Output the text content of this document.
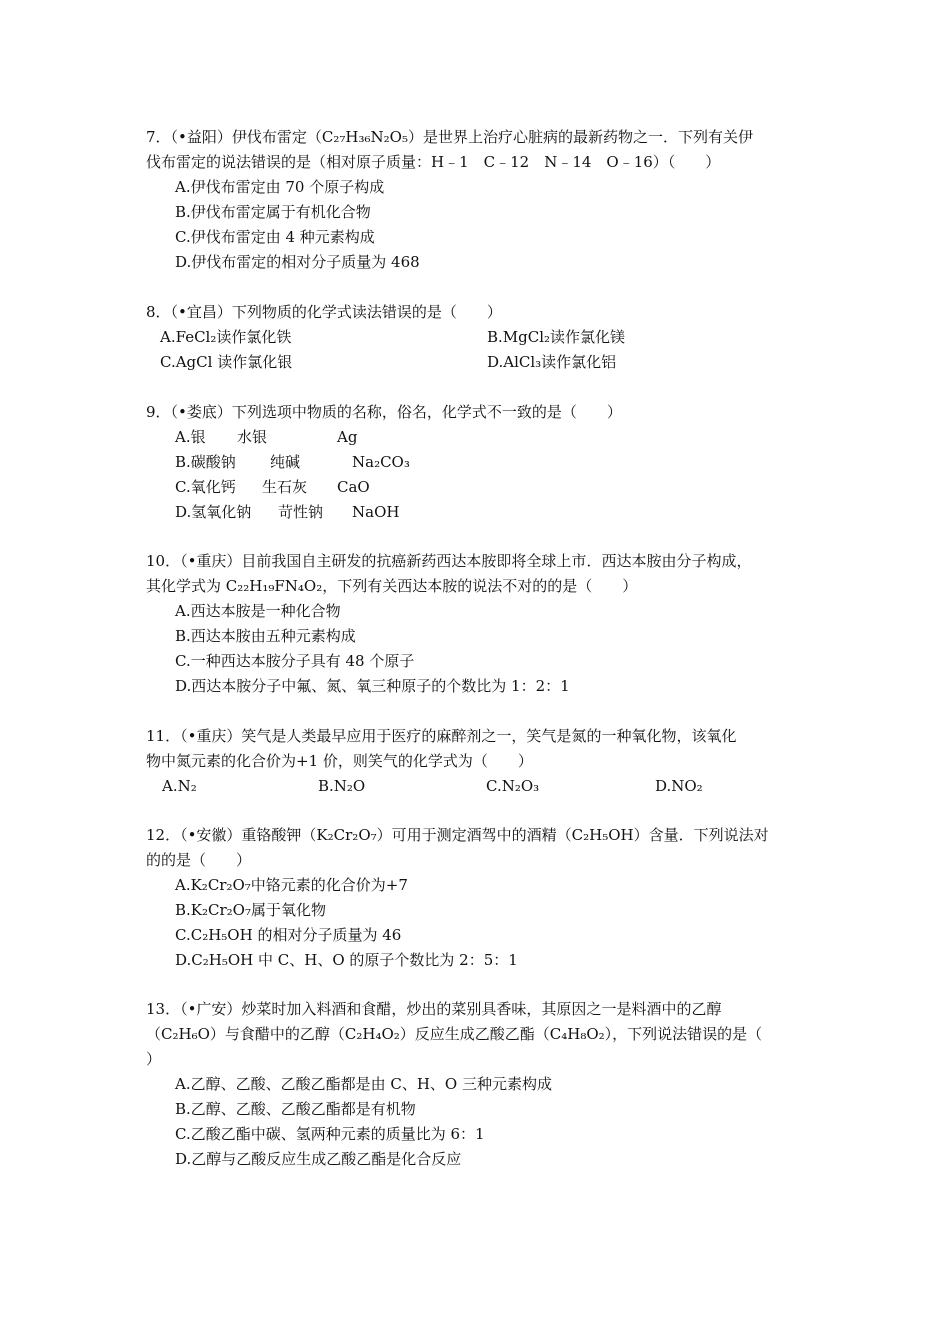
7．（•益阳）伊伐布雷定（C₂₇H₃₆N₂O₅）是世界上治疗心脏病的最新药物之一．下列有关伊
伐布雷定的说法错误的是（相对原子质量：H﹣1　C﹣12　N﹣14　O﹣16）（　　）
A.伊伐布雷定由 70 个原子构成
B.伊伐布雷定属于有机化合物
C.伊伐布雷定由 4 种元素构成
D.伊伐布雷定的相对分子质量为 468
8．（•宜昌）下列物质的化学式读法错误的是（　　）
A.FeCl₂读作氯化铁	B.MgCl₂读作氯化镁
C.AgCl 读作氯化银	D.AlCl₃读作氯化铝
9．（•娄底）下列选项中物质的名称，俗名，化学式不一致的是（　　）
A.银 水银	Ag
B.碳酸钠 纯碱	Na₂CO₃
C.氧化钙 生石灰 CaO
D.氢氧化钠 苛性钠 NaOH
10．（•重庆）目前我国自主研发的抗癌新药西达本胺即将全球上市．西达本胺由分子构成，
其化学式为 C₂₂H₁₉FN₄O₂，下列有关西达本胺的说法不对的的是（　　）
A.西达本胺是一种化合物
B.西达本胺由五种元素构成
C.一种西达本胺分子具有 48 个原子
D.西达本胺分子中氟、氮、氧三种原子的个数比为 1：2：1
11．（•重庆）笑气是人类最早应用于医疗的麻醉剂之一，笑气是氮的一种氧化物，该氧化
物中氮元素的化合价为+1 价，则笑气的化学式为（　　）
A.N₂	B.N₂O	C.N₂O₃	D.NO₂
12．（•安徽）重铬酸钾（K₂Cr₂O₇）可用于测定酒驾中的酒精（C₂H₅OH）含量．下列说法对
的的是（　　）
A.K₂Cr₂O₇中铬元素的化合价为+7
B.K₂Cr₂O₇属于氧化物
C.C₂H₅OH 的相对分子质量为 46
D.C₂H₅OH 中 C、H、O 的原子个数比为 2：5：1
13．（•广安）炒菜时加入料酒和食醋，炒出的菜别具香味，其原因之一是料酒中的乙醇
（C₂H₆O）与食醋中的乙醇（C₂H₄O₂）反应生成乙酸乙酯（C₄H₈O₂），下列说法错误的是（
）
A.乙醇、乙酸、乙酸乙酯都是由 C、H、O 三种元素构成
B.乙醇、乙酸、乙酸乙酯都是有机物
C.乙酸乙酯中碳、氢两种元素的质量比为 6：1
D.乙醇与乙酸反应生成乙酸乙酯是化合反应
